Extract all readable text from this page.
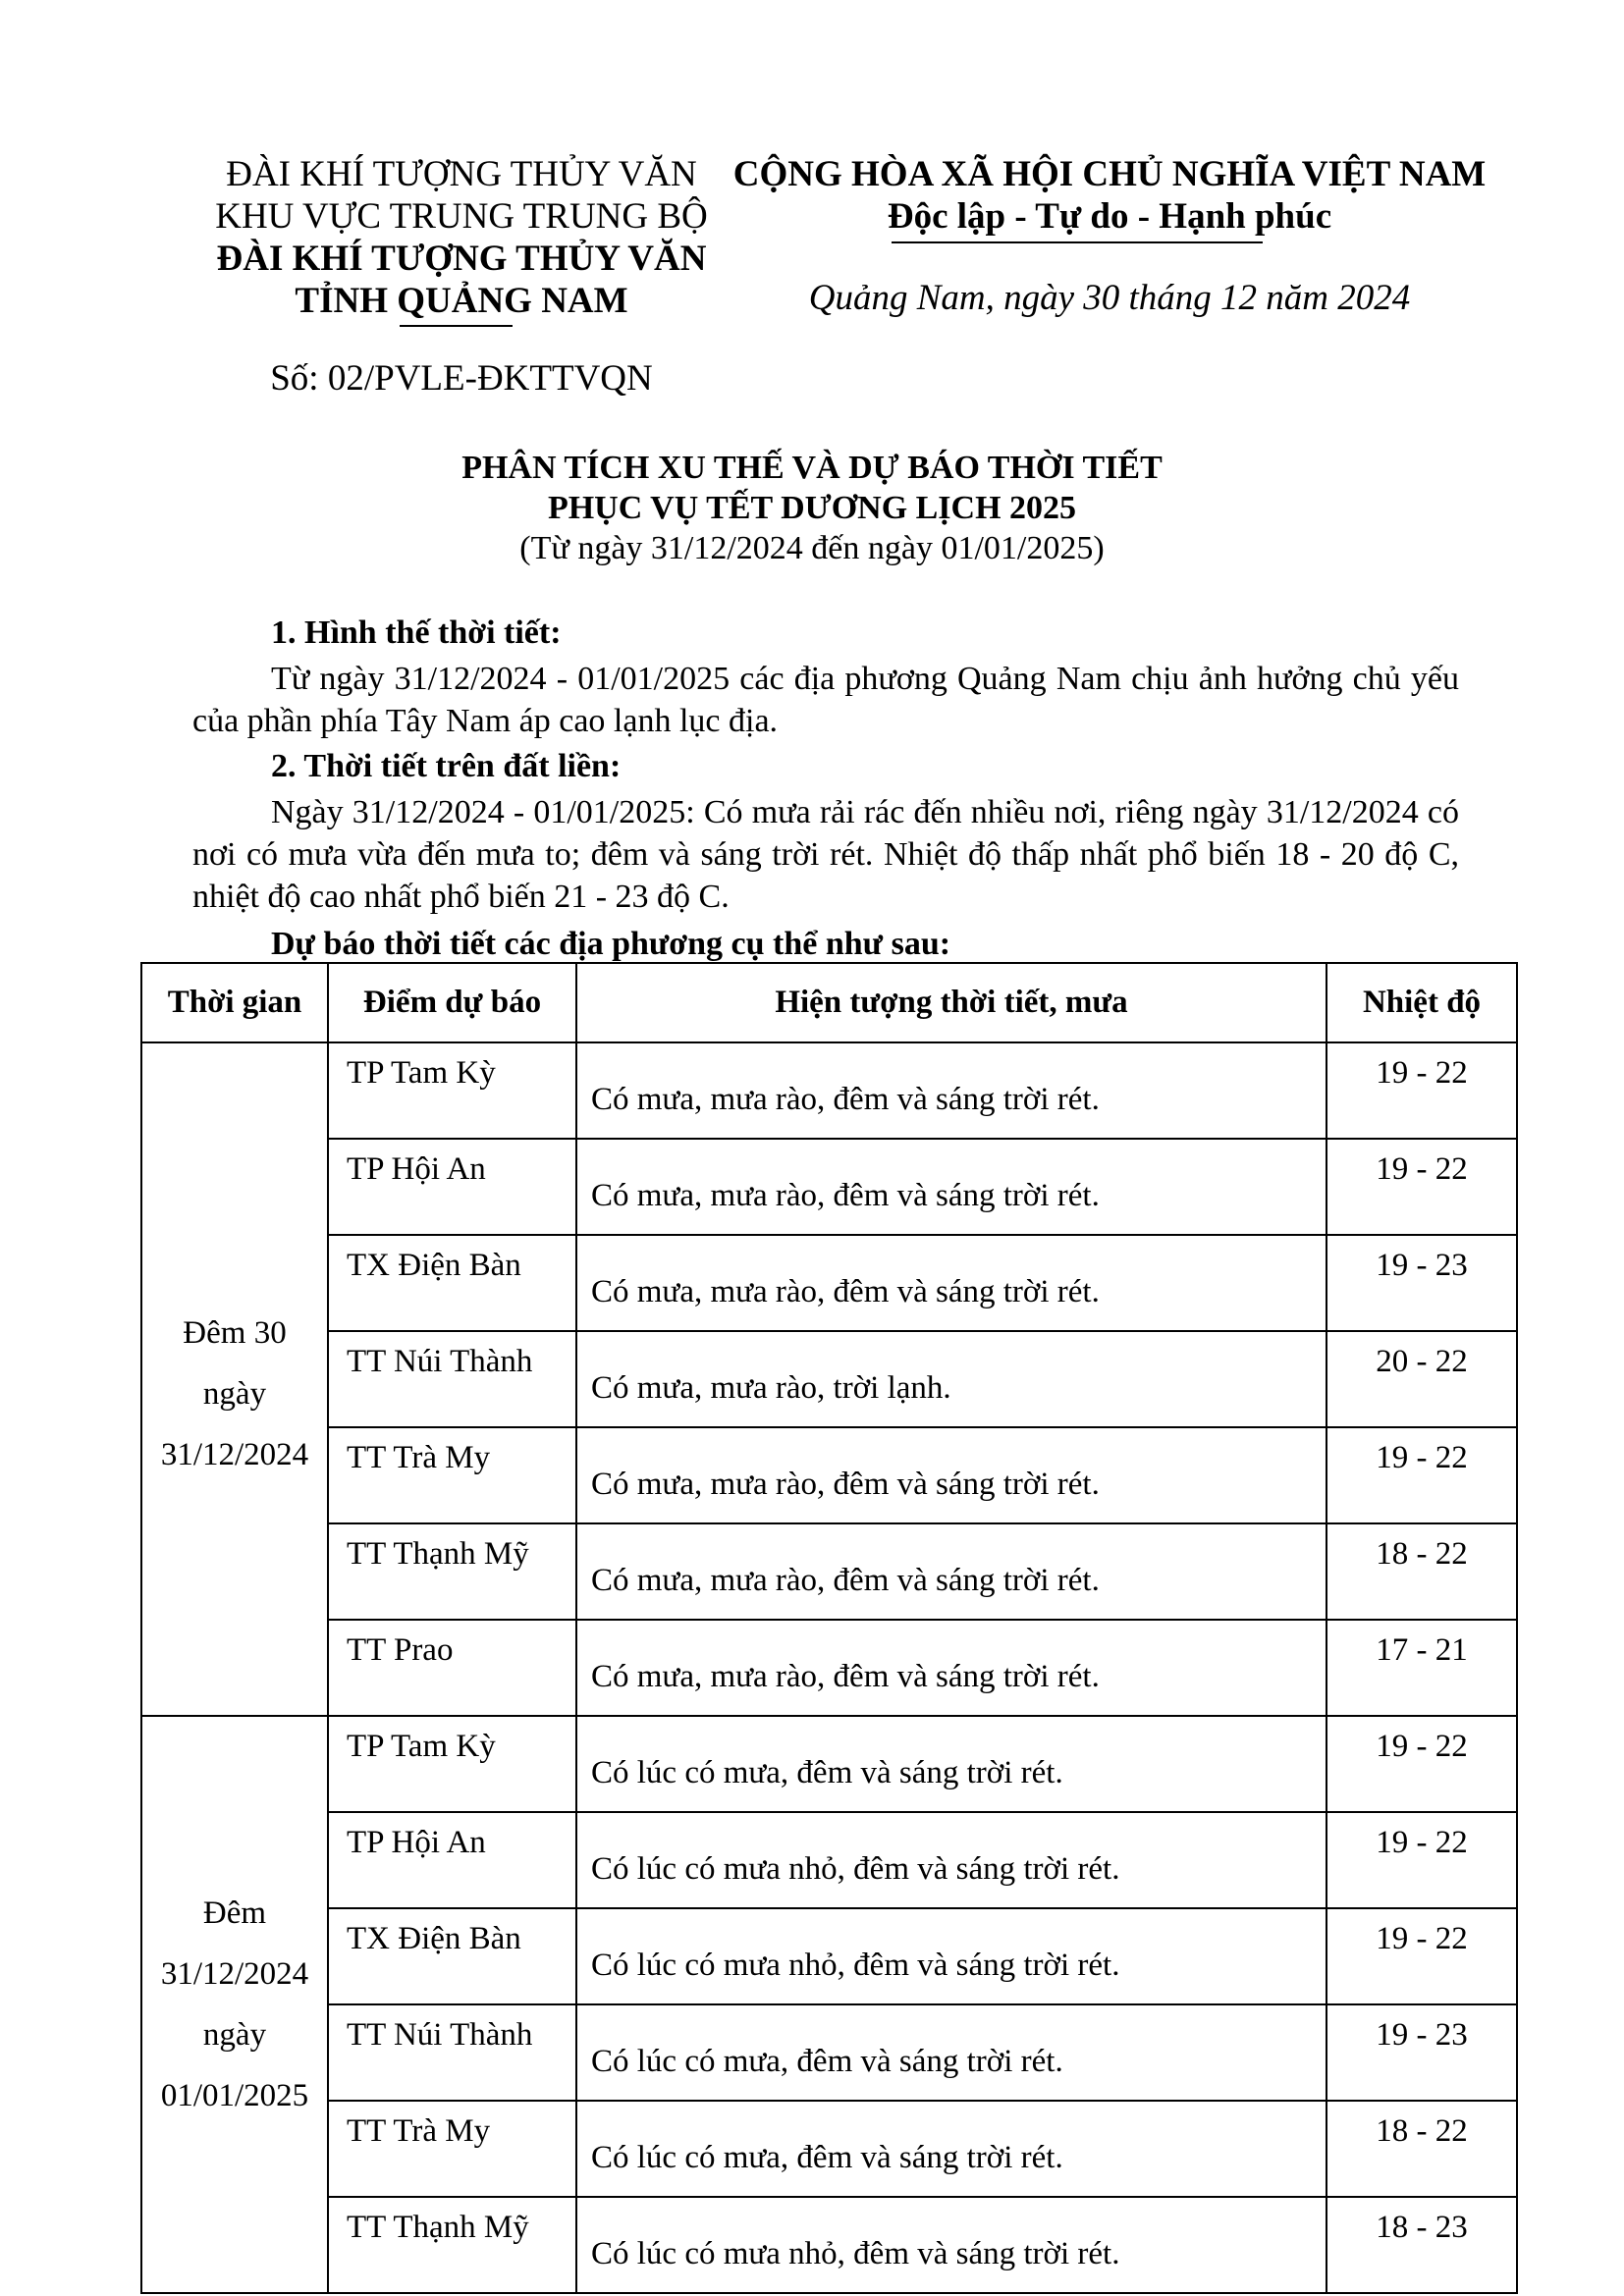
ĐÀI KHÍ TƯỢNG THỦY VĂN
KHU VỰC TRUNG TRUNG BỘ
ĐÀI KHÍ TƯỢNG THỦY VĂN
TỈNH QUẢNG NAM
Số: 02/PVLE-ĐKTTVQN
CỘNG HÒA XÃ HỘI CHỦ NGHĨA VIỆT NAM
Độc lập - Tự do - Hạnh phúc
Quảng Nam, ngày 30 tháng 12 năm 2024
PHÂN TÍCH XU THẾ VÀ DỰ BÁO THỜI TIẾT
PHỤC VỤ TẾT DƯƠNG LỊCH 2025
(Từ ngày 31/12/2024 đến ngày 01/01/2025)
1. Hình thế thời tiết:
Từ ngày 31/12/2024 - 01/01/2025 các địa phương Quảng Nam chịu ảnh hưởng chủ yếu của phần phía Tây Nam áp cao lạnh lục địa.
2. Thời tiết trên đất liền:
Ngày 31/12/2024 - 01/01/2025: Có mưa rải rác đến nhiều nơi, riêng ngày 31/12/2024 có nơi có mưa vừa đến mưa to; đêm và sáng trời rét. Nhiệt độ thấp nhất phổ biến 18 - 20 độ C, nhiệt độ cao nhất phổ biến 21 - 23 độ C.
Dự báo thời tiết các địa phương cụ thể như sau:
Thời gian	Điểm dự báo	Hiện tượng thời tiết, mưa	Nhiệt độ

Đêm 30
ngày
31/12/2024	TP Tam Kỳ	Có mưa, mưa rào, đêm và sáng trời rét.	19 - 22
	TP Hội An	Có mưa, mưa rào, đêm và sáng trời rét.	19 - 22
	TX Điện Bàn	Có mưa, mưa rào, đêm và sáng trời rét.	19 - 23
	TT Núi Thành	Có mưa, mưa rào, trời lạnh.	20 - 22
	TT Trà My	Có mưa, mưa rào, đêm và sáng trời rét.	19 - 22
	TT Thạnh Mỹ	Có mưa, mưa rào, đêm và sáng trời rét.	18 - 22
	TT Prao	Có mưa, mưa rào, đêm và sáng trời rét.	17 - 21

Đêm
31/12/2024
ngày
01/01/2025	TP Tam Kỳ	Có lúc có mưa, đêm và sáng trời rét.	19 - 22
	TP Hội An	Có lúc có mưa nhỏ, đêm và sáng trời rét.	19 - 22
	TX Điện Bàn	Có lúc có mưa nhỏ, đêm và sáng trời rét.	19 - 22
	TT Núi Thành	Có lúc có mưa, đêm và sáng trời rét.	19 - 23
	TT Trà My	Có lúc có mưa, đêm và sáng trời rét.	18 - 22
	TT Thạnh Mỹ	Có lúc có mưa nhỏ, đêm và sáng trời rét.	18 - 23
